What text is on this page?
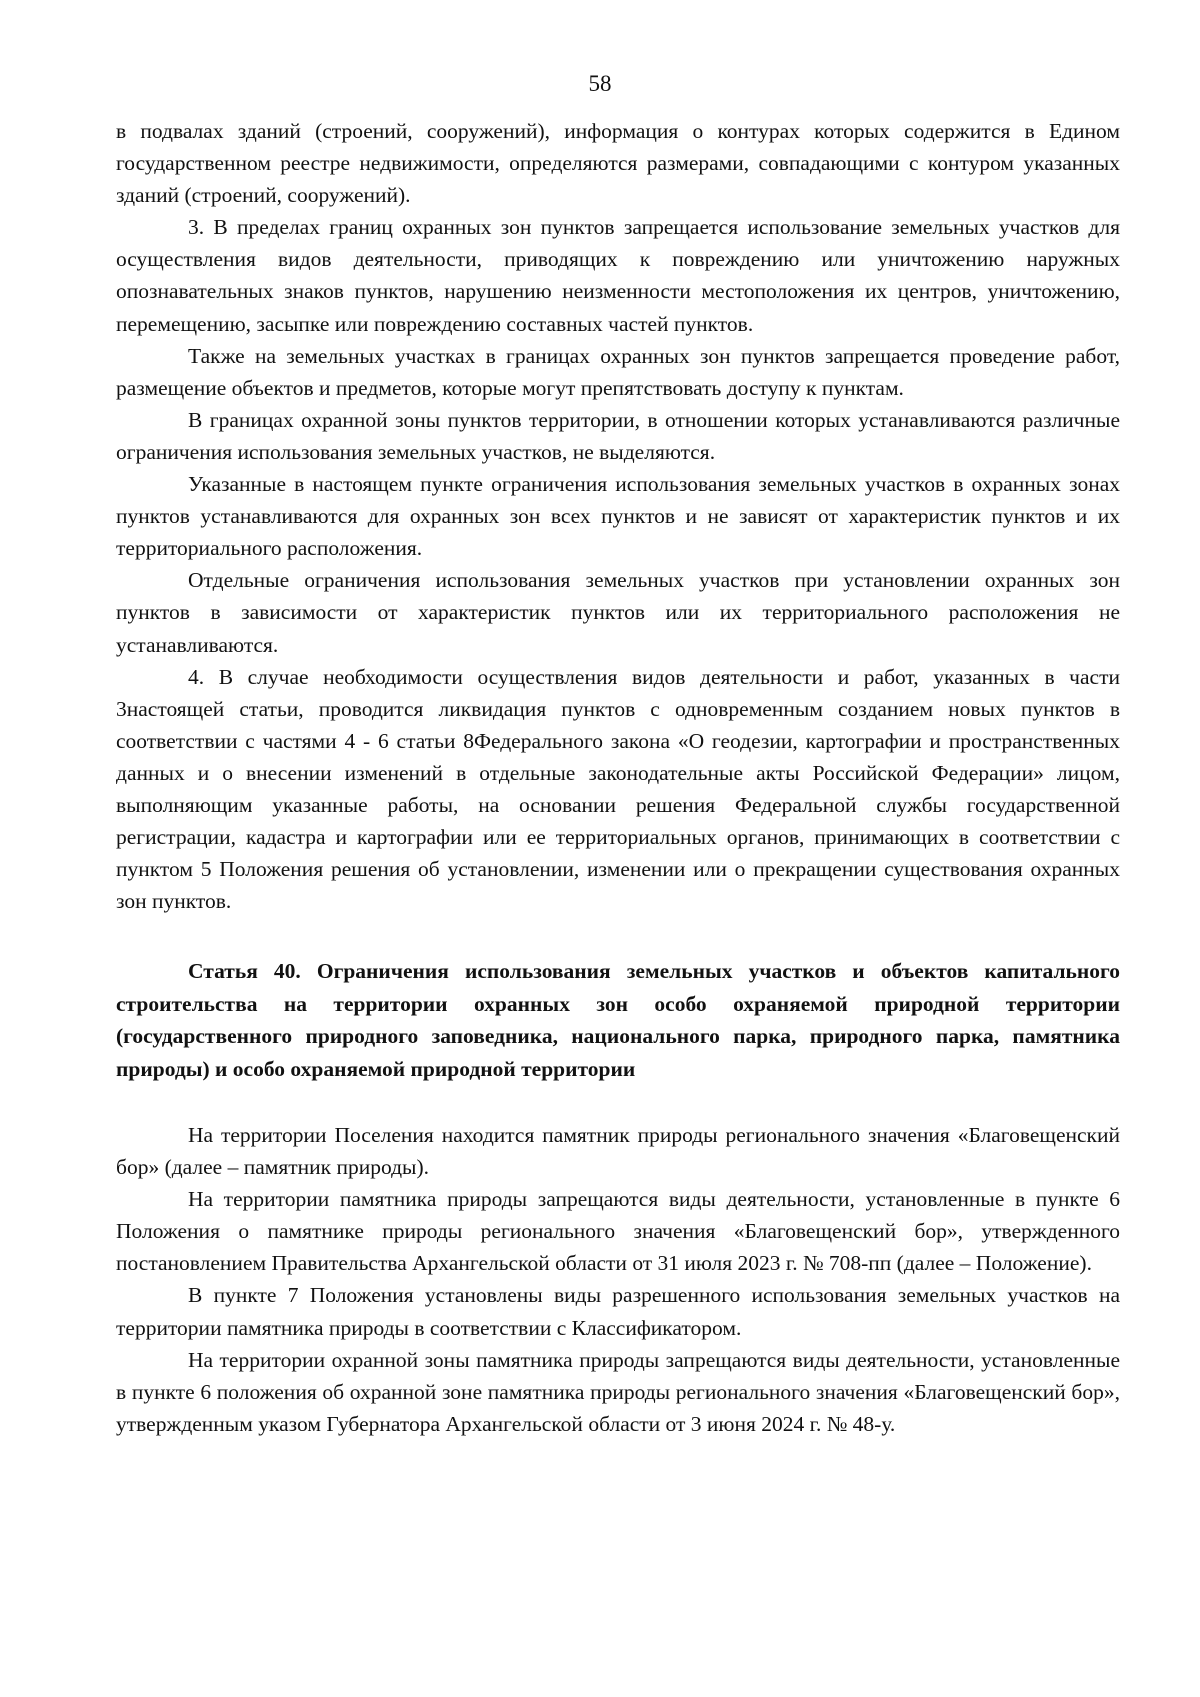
58

в подвалах зданий (строений, сооружений), информация о контурах которых содержится в Едином государственном реестре недвижимости, определяются размерами, совпадающими с контуром указанных зданий (строений, сооружений).

3. В пределах границ охранных зон пунктов запрещается использование земельных участков для осуществления видов деятельности, приводящих к повреждению или уничтожению наружных опознавательных знаков пунктов, нарушению неизменности местоположения их центров, уничтожению, перемещению, засыпке или повреждению составных частей пунктов.

Также на земельных участках в границах охранных зон пунктов запрещается проведение работ, размещение объектов и предметов, которые могут препятствовать доступу к пунктам.

В границах охранной зоны пунктов территории, в отношении которых устанавливаются различные ограничения использования земельных участков, не выделяются.

Указанные в настоящем пункте ограничения использования земельных участков в охранных зонах пунктов устанавливаются для охранных зон всех пунктов и не зависят от характеристик пунктов и их территориального расположения.

Отдельные ограничения использования земельных участков при установлении охранных зон пунктов в зависимости от характеристик пунктов или их территориального расположения не устанавливаются.

4. В случае необходимости осуществления видов деятельности и работ, указанных в части 3настоящей статьи, проводится ликвидация пунктов с одновременным созданием новых пунктов в соответствии с частями 4 - 6 статьи 8Федерального закона «О геодезии, картографии и пространственных данных и о внесении изменений в отдельные законодательные акты Российской Федерации» лицом, выполняющим указанные работы, на основании решения Федеральной службы государственной регистрации, кадастра и картографии или ее территориальных органов, принимающих в соответствии с пунктом 5 Положения решения об установлении, изменении или о прекращении существования охранных зон пунктов.

Статья 40. Ограничения использования земельных участков и объектов капитального строительства на территории охранных зон особо охраняемой природной территории (государственного природного заповедника, национального парка, природного парка, памятника природы) и особо охраняемой природной территории

На территории Поселения находится памятник природы регионального значения «Благовещенский бор» (далее – памятник природы).

На территории памятника природы запрещаются виды деятельности, установленные в пункте 6 Положения о памятнике природы регионального значения «Благовещенский бор», утвержденного постановлением Правительства Архангельской области от 31 июля 2023 г. № 708-пп (далее – Положение).

В пункте 7 Положения установлены виды разрешенного использования земельных участков на территории памятника природы в соответствии с Классификатором.

На территории охранной зоны памятника природы запрещаются виды деятельности, установленные в пункте 6 положения об охранной зоне памятника природы регионального значения «Благовещенский бор», утвержденным указом Губернатора Архангельской области от 3 июня 2024 г. № 48-у.
